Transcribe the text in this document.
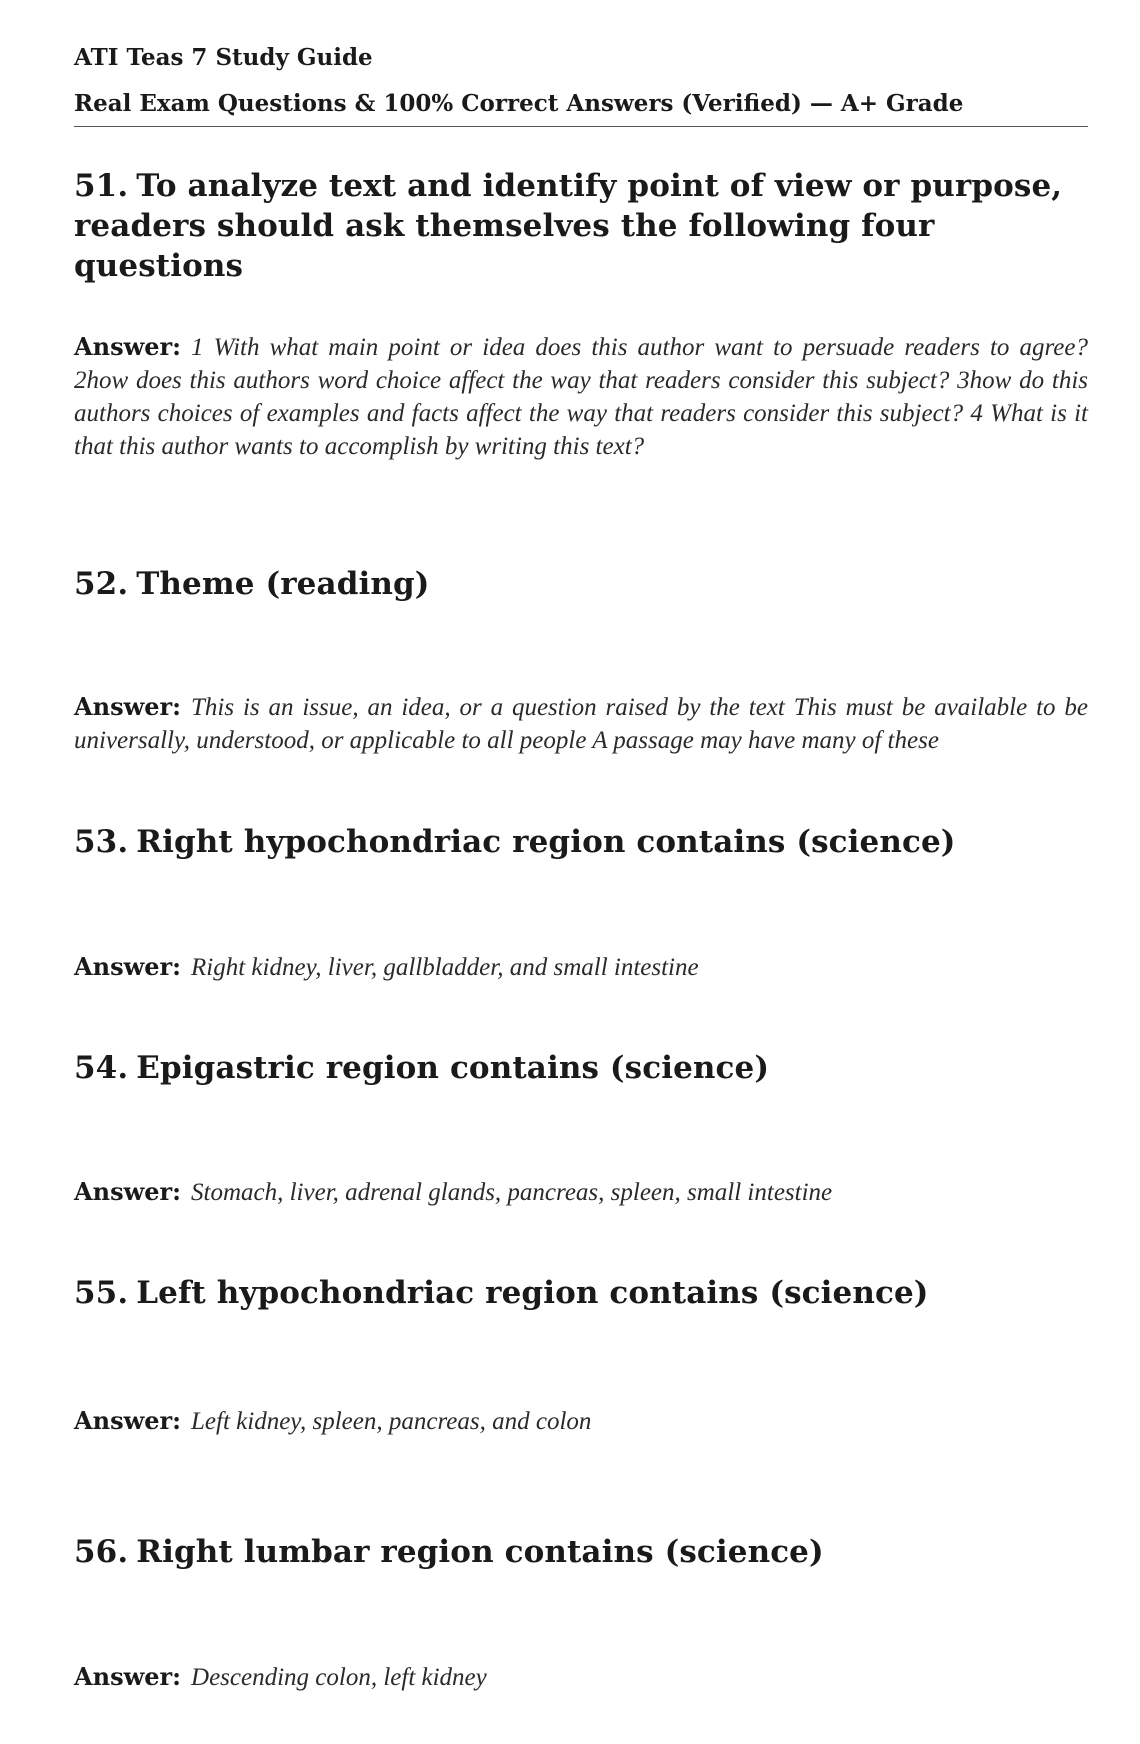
ATI Teas 7 Study Guide

Real Exam Questions & 100% Correct Answers (Verified) — A+ Grade

51. To analyze text and identify point of view or purpose, readers should ask themselves the following four questions
Answer: 1 With what main point or idea does this author want to persuade readers to agree? 2how does this authors word choice affect the way that readers consider this subject? 3how do this authors choices of examples and facts affect the way that readers consider this subject? 4 What is it that this author wants to accomplish by writing this text?
52. Theme (reading)
Answer: This is an issue, an idea, or a question raised by the text This must be available to be universally, understood, or applicable to all people A passage may have many of these
53. Right hypochondriac region contains (science)
Answer: Right kidney, liver, gallbladder, and small intestine
54. Epigastric region contains (science)
Answer: Stomach, liver, adrenal glands, pancreas, spleen, small intestine
55. Left hypochondriac region contains (science)
Answer: Left kidney, spleen, pancreas, and colon
56. Right lumbar region contains (science)
Answer: Descending colon, left kidney
